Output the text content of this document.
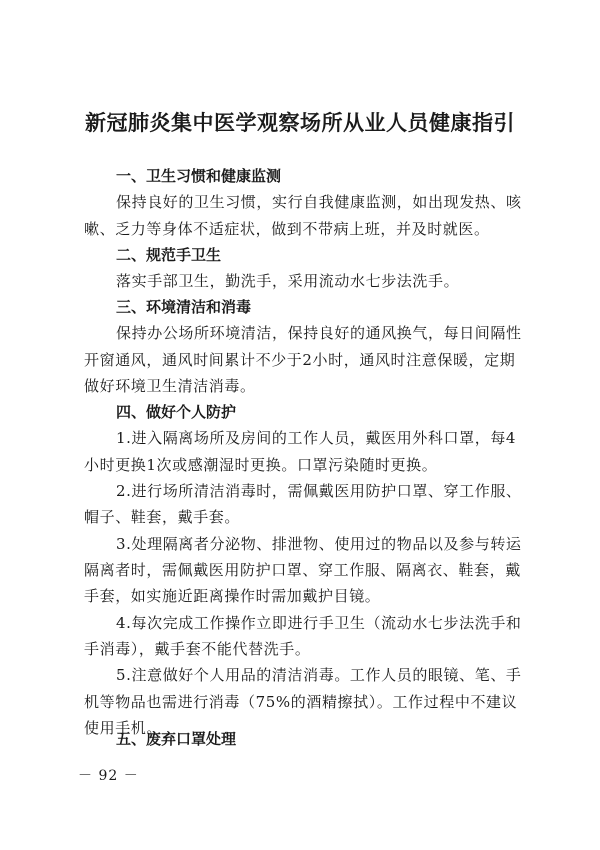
新冠肺炎集中医学观察场所从业人员健康指引
一、卫生习惯和健康监测
保持良好的卫生习惯，实行自我健康监测，如出现发热、咳
嗽、乏力等身体不适症状，做到不带病上班，并及时就医。
二、规范手卫生
落实手部卫生，勤洗手，采用流动水七步法洗手。
三、环境清洁和消毒
保持办公场所环境清洁，保持良好的通风换气，每日间隔性
开窗通风，通风时间累计不少于2小时，通风时注意保暖，定期
做好环境卫生清洁消毒。
四、做好个人防护
1.进入隔离场所及房间的工作人员，戴医用外科口罩，每4
小时更换1次或感潮湿时更换。口罩污染随时更换。
2.进行场所清洁消毒时，需佩戴医用防护口罩、穿工作服、
帽子、鞋套，戴手套。
3.处理隔离者分泌物、排泄物、使用过的物品以及参与转运
隔离者时，需佩戴医用防护口罩、穿工作服、隔离衣、鞋套，戴
手套，如实施近距离操作时需加戴护目镜。
4.每次完成工作操作立即进行手卫生（流动水七步法洗手和
手消毒），戴手套不能代替洗手。
5.注意做好个人用品的清洁消毒。工作人员的眼镜、笔、手
机等物品也需进行消毒（75%的酒精擦拭）。工作过程中不建议
使用手机。
五、废弃口罩处理
－ 92 －
